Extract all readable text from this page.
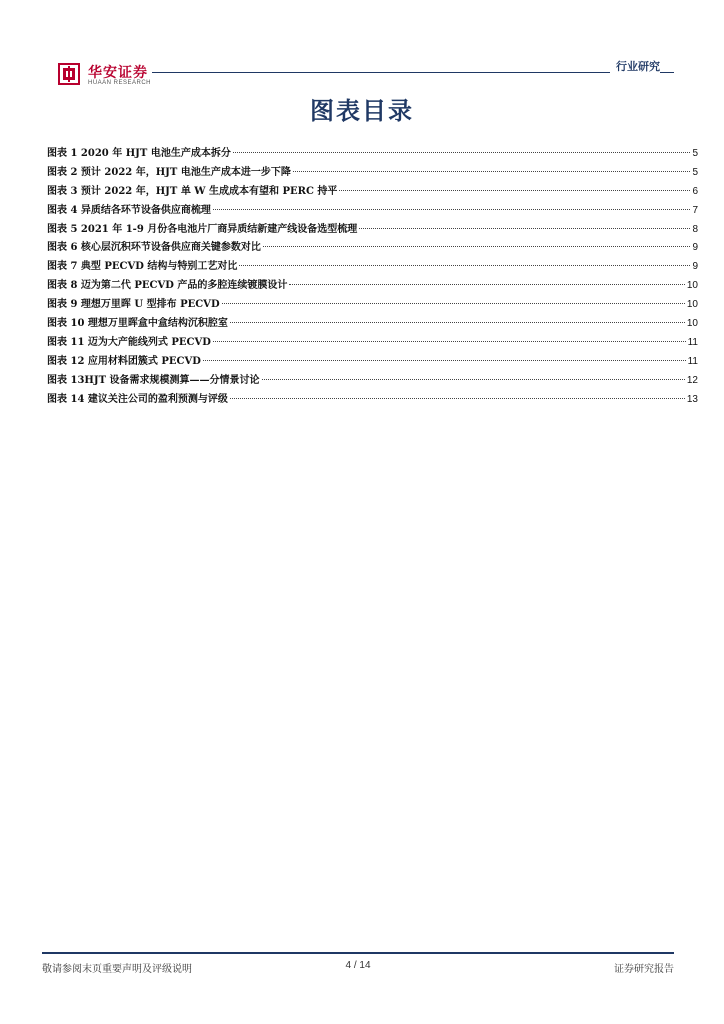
华安证券
HUAAN RESEARCH
行业研究
图表目录
图表 1 2020 年 HJT 电池生产成本拆分	5
图表 2 预计 2022 年，HJT 电池生产成本进一步下降	5
图表 3 预计 2022 年，HJT 单 W 生成成本有望和 PERC 持平	6
图表 4 异质结各环节设备供应商梳理	7
图表 5 2021 年 1-9 月份各电池片厂商异质结新建产线设备选型梳理	8
图表 6 核心层沉积环节设备供应商关键参数对比	9
图表 7 典型 PECVD 结构与特别工艺对比	9
图表 8 迈为第二代 PECVD 产品的多腔连续镀膜设计	10
图表 9 理想万里晖 U 型排布 PECVD	10
图表 10 理想万里晖盒中盒结构沉积腔室	10
图表 11 迈为大产能线列式 PECVD	11
图表 12 应用材料团簇式 PECVD	11
图表 13HJT 设备需求规模测算——分情景讨论	12
图表 14 建议关注公司的盈利预测与评级	13
敬请参阅末页重要声明及评级说明	4 / 14	证券研究报告
